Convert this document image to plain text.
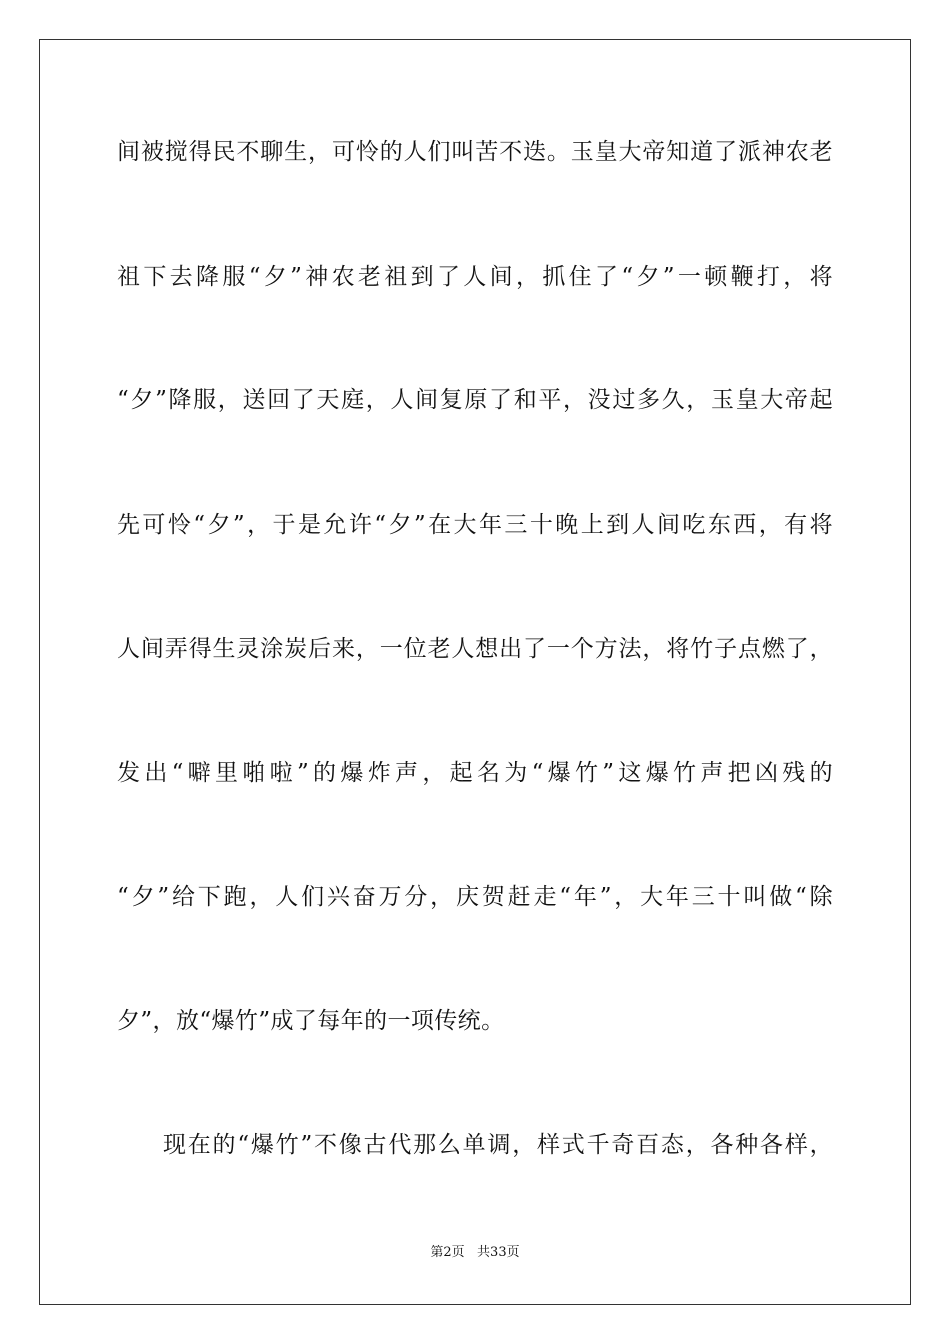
间被搅得民不聊生，可怜的人们叫苦不迭。玉皇大帝知道了派神农老
祖下去降服“夕”神农老祖到了人间，抓住了“夕”一顿鞭打，将
“夕”降服，送回了天庭，人间复原了和平，没过多久，玉皇大帝起
先可怜“夕”，于是允许“夕”在大年三十晚上到人间吃东西，有将
人间弄得生灵涂炭后来，一位老人想出了一个方法，将竹子点燃了，
发出“噼里啪啦”的爆炸声，起名为“爆竹”这爆竹声把凶残的
“夕”给下跑，人们兴奋万分，庆贺赶走“年”，大年三十叫做“除
夕”，放“爆竹”成了每年的一项传统。
现在的“爆竹”不像古代那么单调，样式千奇百态，各种各样，
第2页   共33页
